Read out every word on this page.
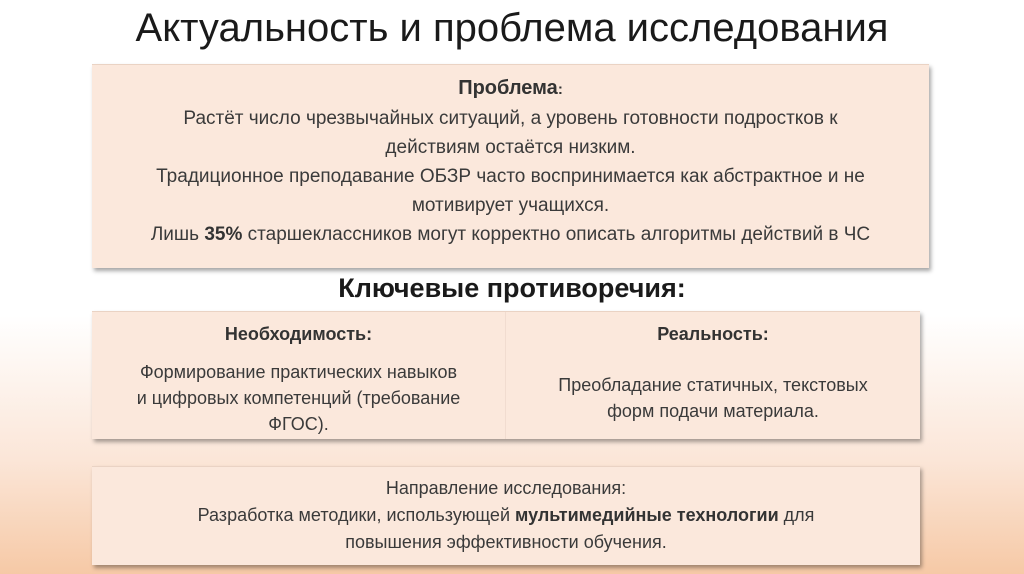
Актуальность и проблема исследования
Проблема:
Растёт число чрезвычайных ситуаций, а уровень готовности подростков к
действиям остаётся низким.
Традиционное преподавание ОБЗР часто воспринимается как абстрактное и не
мотивирует учащихся.
Лишь 35% старшеклассников могут корректно описать алгоритмы действий в ЧС
Ключевые противоречия:
Необходимость:
Формирование практических навыков
и цифровых компетенций (требование
ФГОС).
Реальность:
Преобладание статичных, текстовых
форм подачи материала.
Направление исследования:
Разработка методики, использующей мультимедийные технологии для
повышения эффективности обучения.
